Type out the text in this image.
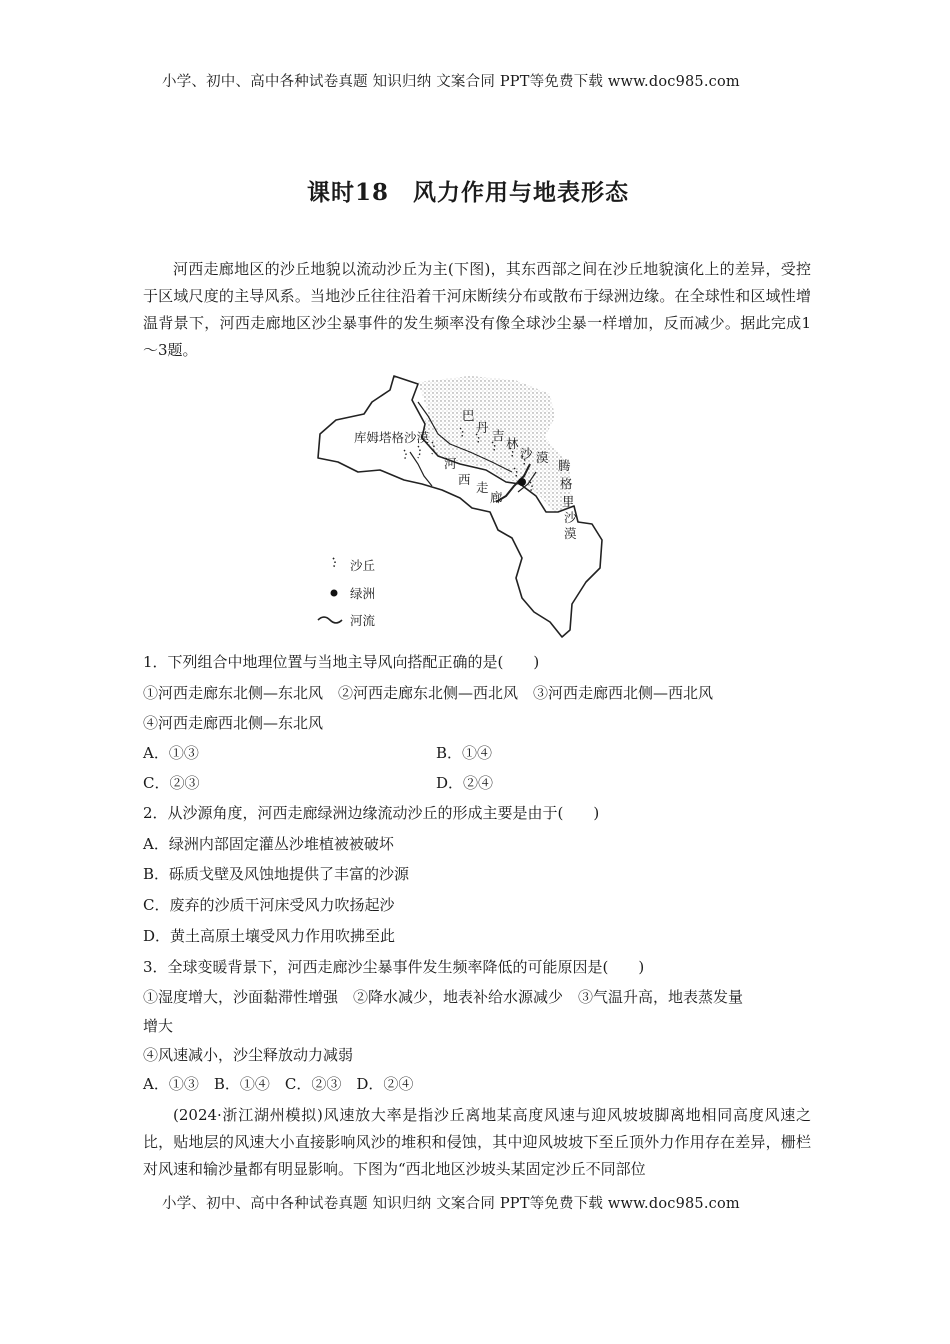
小学、初中、高中各种试卷真题 知识归纳 文案合同 PPT等免费下载 www.doc985.com
课时18　风力作用与地表形态
河西走廊地区的沙丘地貌以流动沙丘为主(下图)，其东西部之间在沙丘地貌演化上的差异，受控于区域尺度的主导风系。当地沙丘往往沿着干河床断续分布或散布于绿洲边缘。在全球性和区域性增温背景下，河西走廊地区沙尘暴事件的发生频率没有像全球沙尘暴一样增加，反而减少。据此完成1～3题。
库姆塔格沙漠
河
西
走
廊
巴
丹
吉
林
沙 漠
腾
格
里
沙
漠
沙丘
绿洲
河流
1．下列组合中地理位置与当地主导风向搭配正确的是(　　)
①河西走廊东北侧—东北风　②河西走廊东北侧—西北风　③河西走廊西北侧—西北风
④河西走廊西北侧—东北风
A．①③	B．①④
C．②③	D．②④
2．从沙源角度，河西走廊绿洲边缘流动沙丘的形成主要是由于(　　)
A．绿洲内部固定灌丛沙堆植被被破坏
B．砾质戈壁及风蚀地提供了丰富的沙源
C．废弃的沙质干河床受风力吹扬起沙
D．黄土高原土壤受风力作用吹拂至此
3．全球变暖背景下，河西走廊沙尘暴事件发生频率降低的可能原因是(　　)
①湿度增大，沙面黏滞性增强　②降水减少，地表补给水源减少　③气温升高，地表蒸发量
增大
④风速减小，沙尘释放动力减弱
A．①③　B．①④　C．②③　D．②④
(2024·浙江湖州模拟)风速放大率是指沙丘离地某高度风速与迎风坡坡脚离地相同高度风速之比，贴地层的风速大小直接影响风沙的堆积和侵蚀，其中迎风坡坡下至丘顶外力作用存在差异，栅栏对风速和输沙量都有明显影响。下图为“西北地区沙坡头某固定沙丘不同部位
小学、初中、高中各种试卷真题 知识归纳 文案合同 PPT等免费下载 www.doc985.com
